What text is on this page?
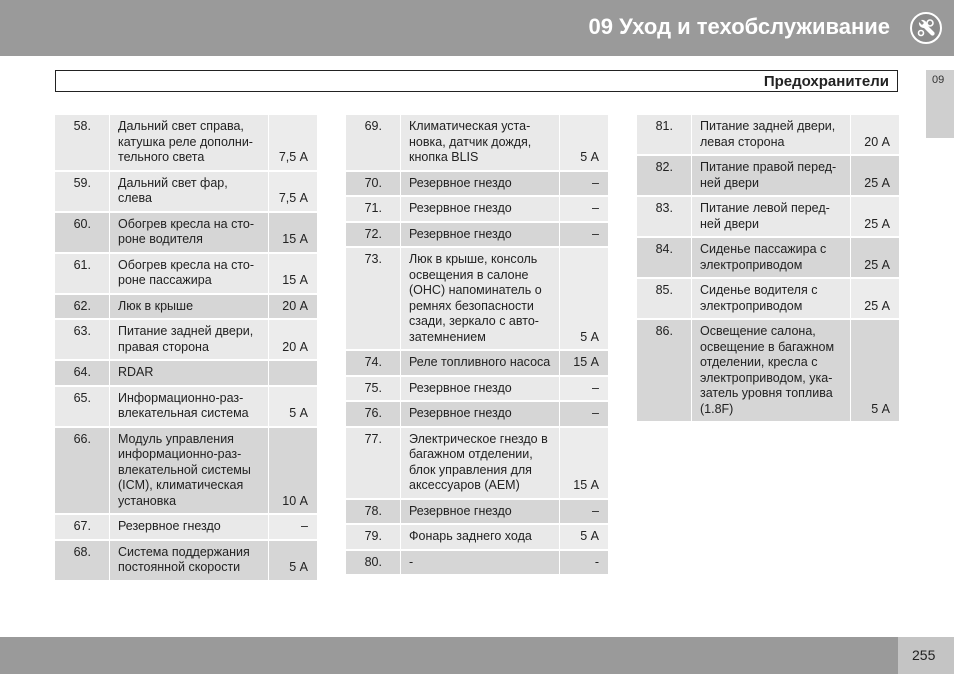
09 Уход и техобслуживание
Предохранители	09
58.	Дальний свет справа, катушка реле дополни-тельного света	7,5 А
59.	Дальний свет фар, слева	7,5 А
60.	Обогрев кресла на сто-роне водителя	15 А
61.	Обогрев кресла на сто-роне пассажира	15 А
62.	Люк в крыше	20 А
63.	Питание задней двери, правая сторона	20 А
64.	RDAR	
65.	Информационно-раз-влекательная система	5 А
66.	Модуль управления информационно-раз-влекательной системы (ICM), климатическая установка	10 А
67.	Резервное гнездо	–
68.	Система поддержания постоянной скорости	5 А
69.	Климатическая уста-новка, датчик дождя, кнопка BLIS	5 А
70.	Резервное гнездо	–
71.	Резервное гнездо	–
72.	Резервное гнездо	–
73.	Люк в крыше, консоль освещения в салоне (OHC) напоминатель о ремнях безопасности сзади, зеркало с авто-затемнением	5 А
74.	Реле топливного насоса	15 А
75.	Резервное гнездо	–
76.	Резервное гнездо	–
77.	Электрическое гнездо в багажном отделении, блок управления для аксессуаров (AEM)	15 А
78.	Резервное гнездо	–
79.	Фонарь заднего хода	5 А
80.	-	-
81.	Питание задней двери, левая сторона	20 А
82.	Питание правой перед-ней двери	25 А
83.	Питание левой перед-ней двери	25 А
84.	Сиденье пассажира с электроприводом	25 А
85.	Сиденье водителя с электроприводом	25 А
86.	Освещение салона, освещение в багажном отделении, кресла с электроприводом, ука-затель уровня топлива (1.8F)	5 А
255
